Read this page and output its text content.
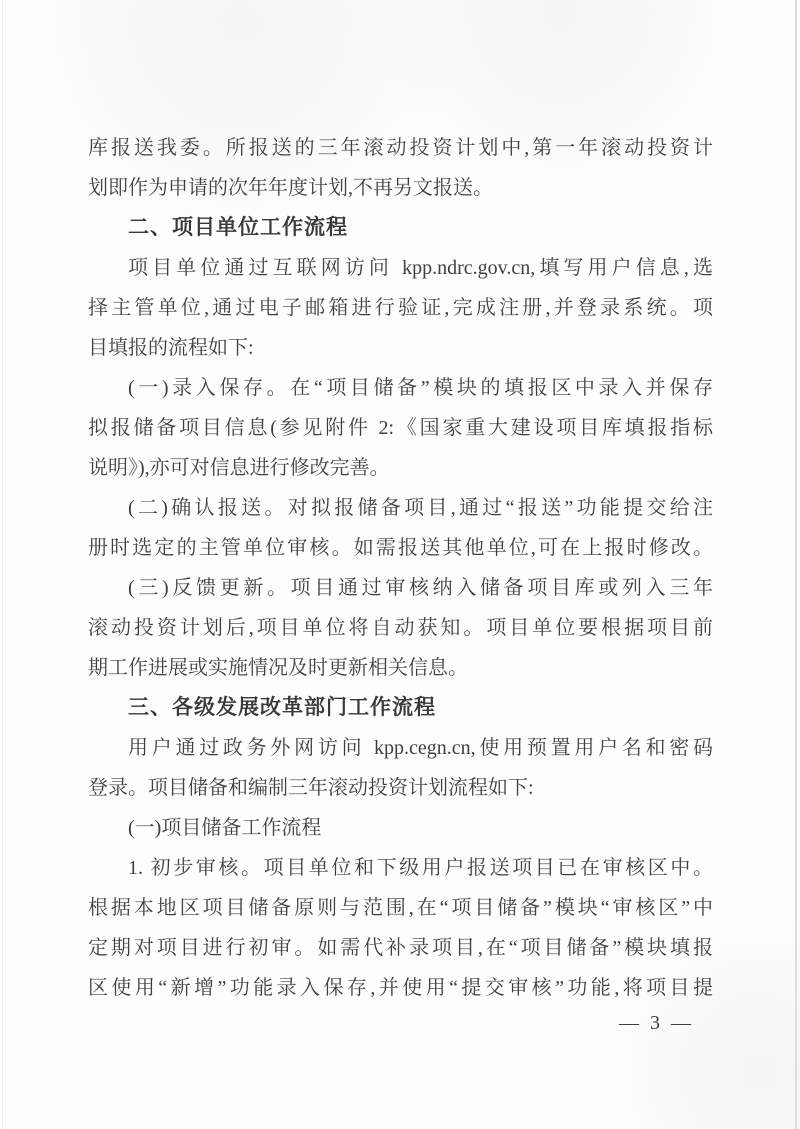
库报送我委。所报送的三年滚动投资计划中,第一年滚动投资计
划即作为申请的次年年度计划,不再另文报送。
二、项目单位工作流程
项目单位通过互联网访问 kpp.ndrc.gov.cn,填写用户信息,选
择主管单位,通过电子邮箱进行验证,完成注册,并登录系统。项
目填报的流程如下:
(一)录入保存。在“项目储备”模块的填报区中录入并保存
拟报储备项目信息(参见附件 2:《国家重大建设项目库填报指标
说明》),亦可对信息进行修改完善。
(二)确认报送。对拟报储备项目,通过“报送”功能提交给注
册时选定的主管单位审核。如需报送其他单位,可在上报时修改。
(三)反馈更新。项目通过审核纳入储备项目库或列入三年
滚动投资计划后,项目单位将自动获知。项目单位要根据项目前
期工作进展或实施情况及时更新相关信息。
三、各级发展改革部门工作流程
用户通过政务外网访问 kpp.cegn.cn,使用预置用户名和密码
登录。项目储备和编制三年滚动投资计划流程如下:
(一)项目储备工作流程
1. 初步审核。项目单位和下级用户报送项目已在审核区中。
根据本地区项目储备原则与范围,在“项目储备”模块“审核区”中
定期对项目进行初审。如需代补录项目,在“项目储备”模块填报
区使用“新增”功能录入保存,并使用“提交审核”功能,将项目提
— 3 —
